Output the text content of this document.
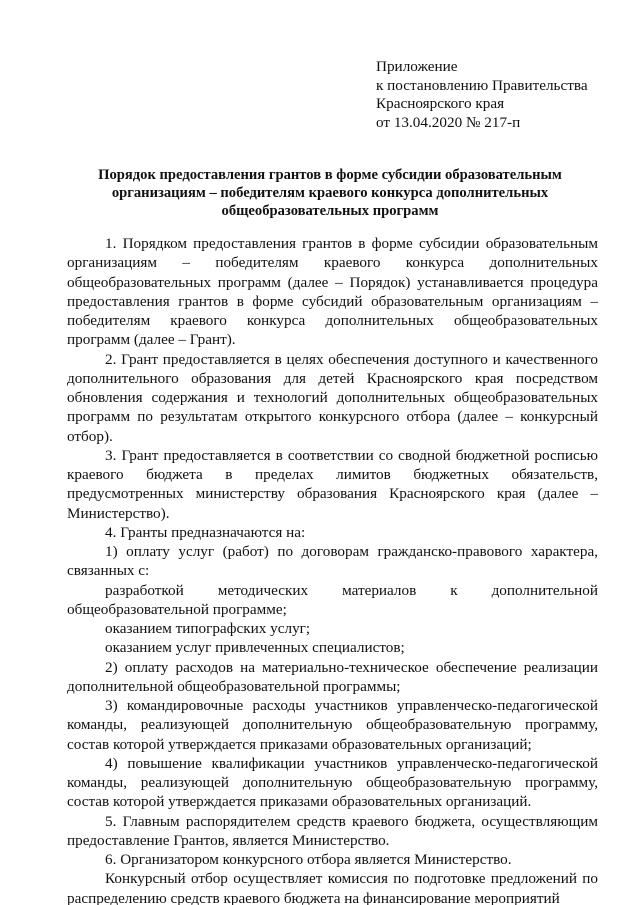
Приложение
к постановлению Правительства
Красноярского края
от 13.04.2020 № 217-п
Порядок предоставления грантов в форме субсидии образовательным
организациям – победителям краевого конкурса дополнительных
общеобразовательных программ

1. Порядком предоставления грантов в форме субсидии образовательным организациям – победителям краевого конкурса дополнительных общеобразовательных программ (далее – Порядок) устанавливается процедура предоставления грантов в форме субсидий образовательным организациям – победителям краевого конкурса дополнительных общеобразовательных программ (далее – Грант).

2. Грант предоставляется в целях обеспечения доступного и качественного дополнительного образования для детей Красноярского края посредством обновления содержания и технологий дополнительных общеобразовательных программ по результатам открытого конкурсного отбора (далее – конкурсный отбор).

3. Грант предоставляется в соответствии со сводной бюджетной росписью краевого бюджета в пределах лимитов бюджетных обязательств, предусмотренных министерству образования Красноярского края (далее – Министерство).

4. Гранты предназначаются на:

1) оплату услуг (работ) по договорам гражданско-правового характера, связанных с:

разработкой методических материалов к дополнительной общеобразовательной программе;

оказанием типографских услуг;

оказанием услуг привлеченных специалистов;

2) оплату расходов на материально-техническое обеспечение реализации дополнительной общеобразовательной программы;

3) командировочные расходы участников управленческо-педагогической команды, реализующей дополнительную общеобразовательную программу, состав которой утверждается приказами образовательных организаций;

4) повышение квалификации участников управленческо-педагогической команды, реализующей дополнительную общеобразовательную программу, состав которой утверждается приказами образовательных организаций.

5. Главным распорядителем средств краевого бюджета, осуществляющим предоставление Грантов, является Министерство.

6. Организатором конкурсного отбора является Министерство.

Конкурсный отбор осуществляет комиссия по подготовке предложений по распределению средств краевого бюджета на финансирование мероприятий
